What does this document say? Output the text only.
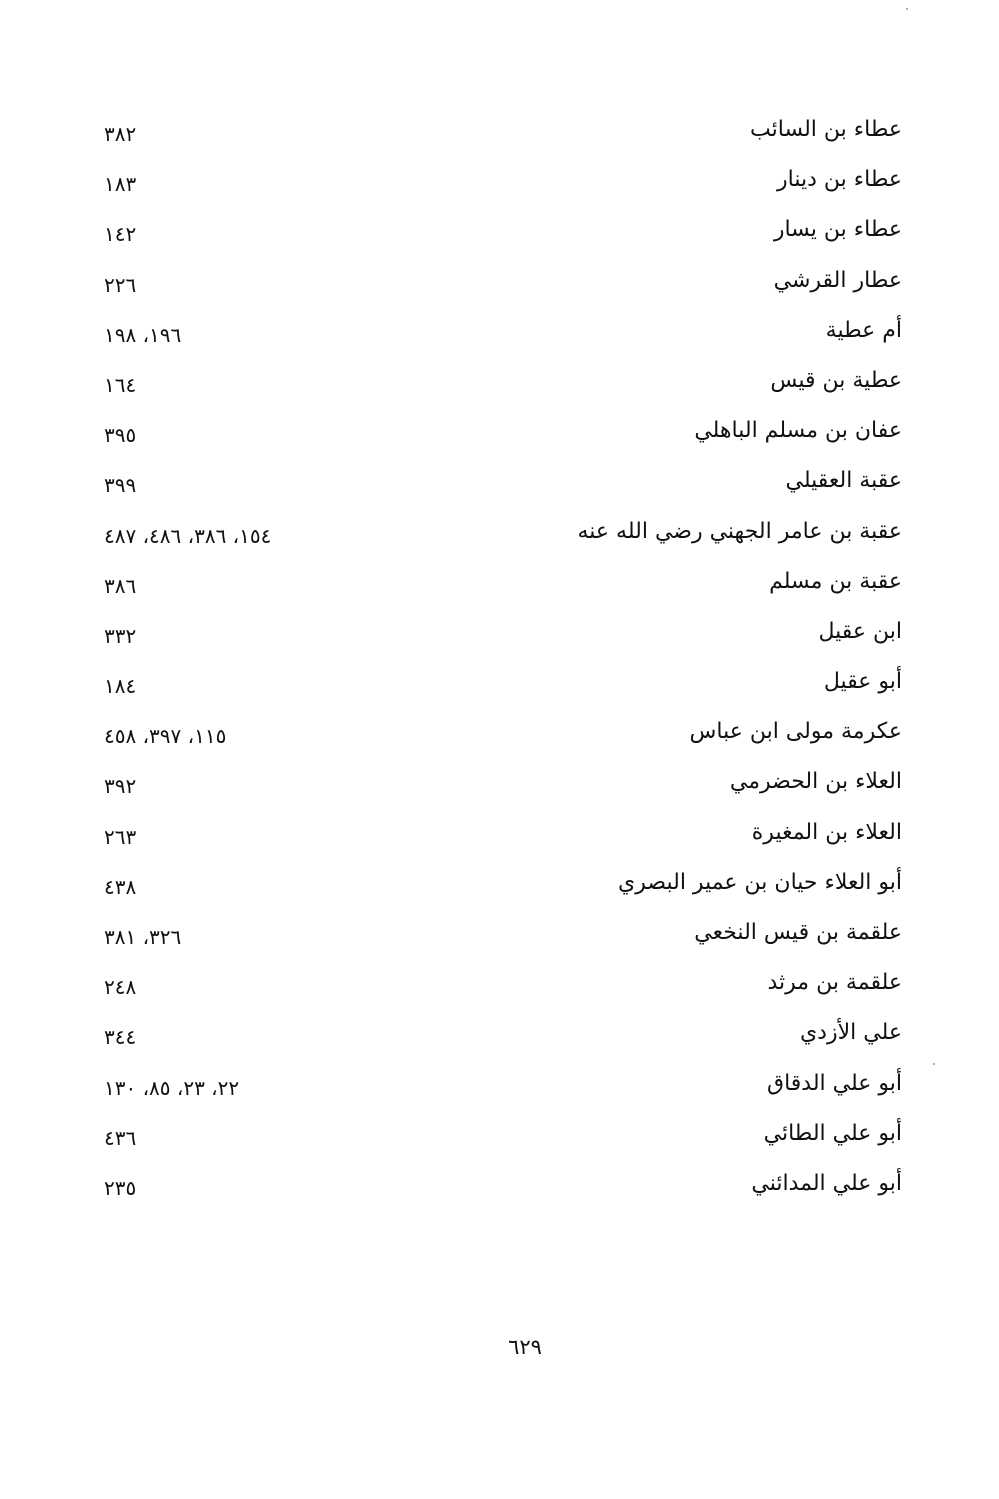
عطاء بن السائب
٣٨٢
عطاء بن دينار
١٨٣
عطاء بن يسار
١٤٢
عطار القرشي
٢٢٦
أم عطية
١٩٦، ١٩٨
عطية بن قيس
١٦٤
عفان بن مسلم الباهلي
٣٩٥
عقبة العقيلي
٣٩٩
عقبة بن عامر الجهني رضي الله عنه
١٥٤، ٣٨٦، ٤٨٦، ٤٨٧
عقبة بن مسلم
٣٨٦
ابن عقيل
٣٣٢
أبو عقيل
١٨٤
عكرمة مولى ابن عباس
١١٥، ٣٩٧، ٤٥٨
العلاء بن الحضرمي
٣٩٢
العلاء بن المغيرة
٢٦٣
أبو العلاء حيان بن عمير البصري
٤٣٨
علقمة بن قيس النخعي
٣٢٦، ٣٨١
علقمة بن مرثد
٢٤٨
علي الأزدي
٣٤٤
أبو علي الدقاق
٢٢، ٢٣، ٨٥، ١٣٠
أبو علي الطائي
٤٣٦
أبو علي المدائني
٢٣٥
٦٢٩
